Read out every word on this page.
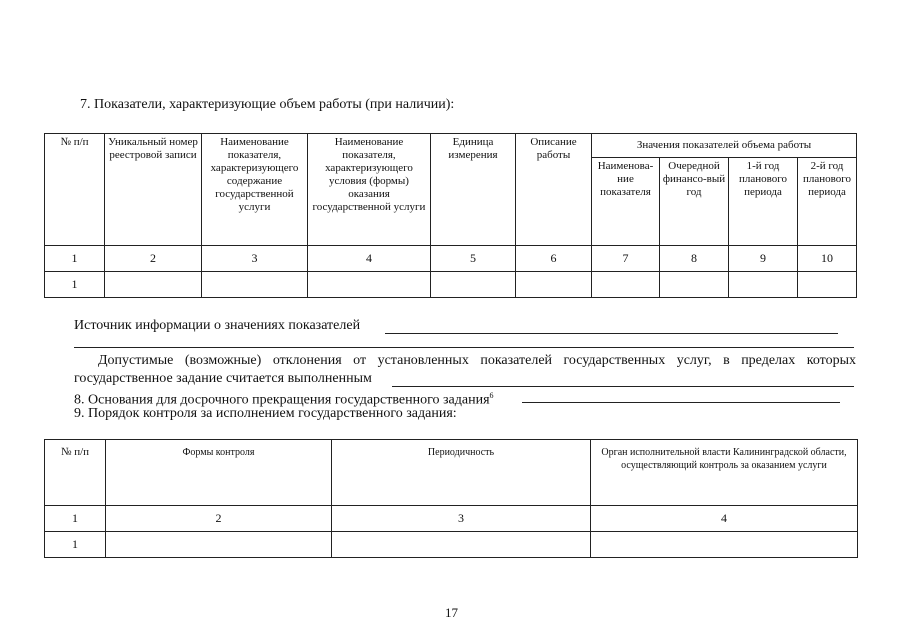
7. Показатели, характеризующие объем работы (при наличии):
№ п/п	Уникальный номер реестровой записи	Наименование показателя, характеризующего содержание государственной услуги	Наименование показателя, характеризующего условия (формы) оказания государственной услуги	Единица измерения	Описание работы	Значения показателей объема работы			
						Наименова-ние показателя	Очередной финансо-вый год	1-й год планового периода	2-й год планового периода
1	2	3	4	5	6	7	8	9	10
1									
Источник информации о значениях показателей
Допустимые (возможные) отклонения от установленных показателей государственных услуг, в пределах которых
государственное задание считается выполненным
8. Основания для досрочного прекращения государственного задания$^6$
9. Порядок контроля за исполнением государственного задания:
№ п/п	Формы контроля	Периодичность	Орган исполнительной власти Калининградской области, осуществляющий контроль за оказанием услуги
1	2	3	4
1			
17
